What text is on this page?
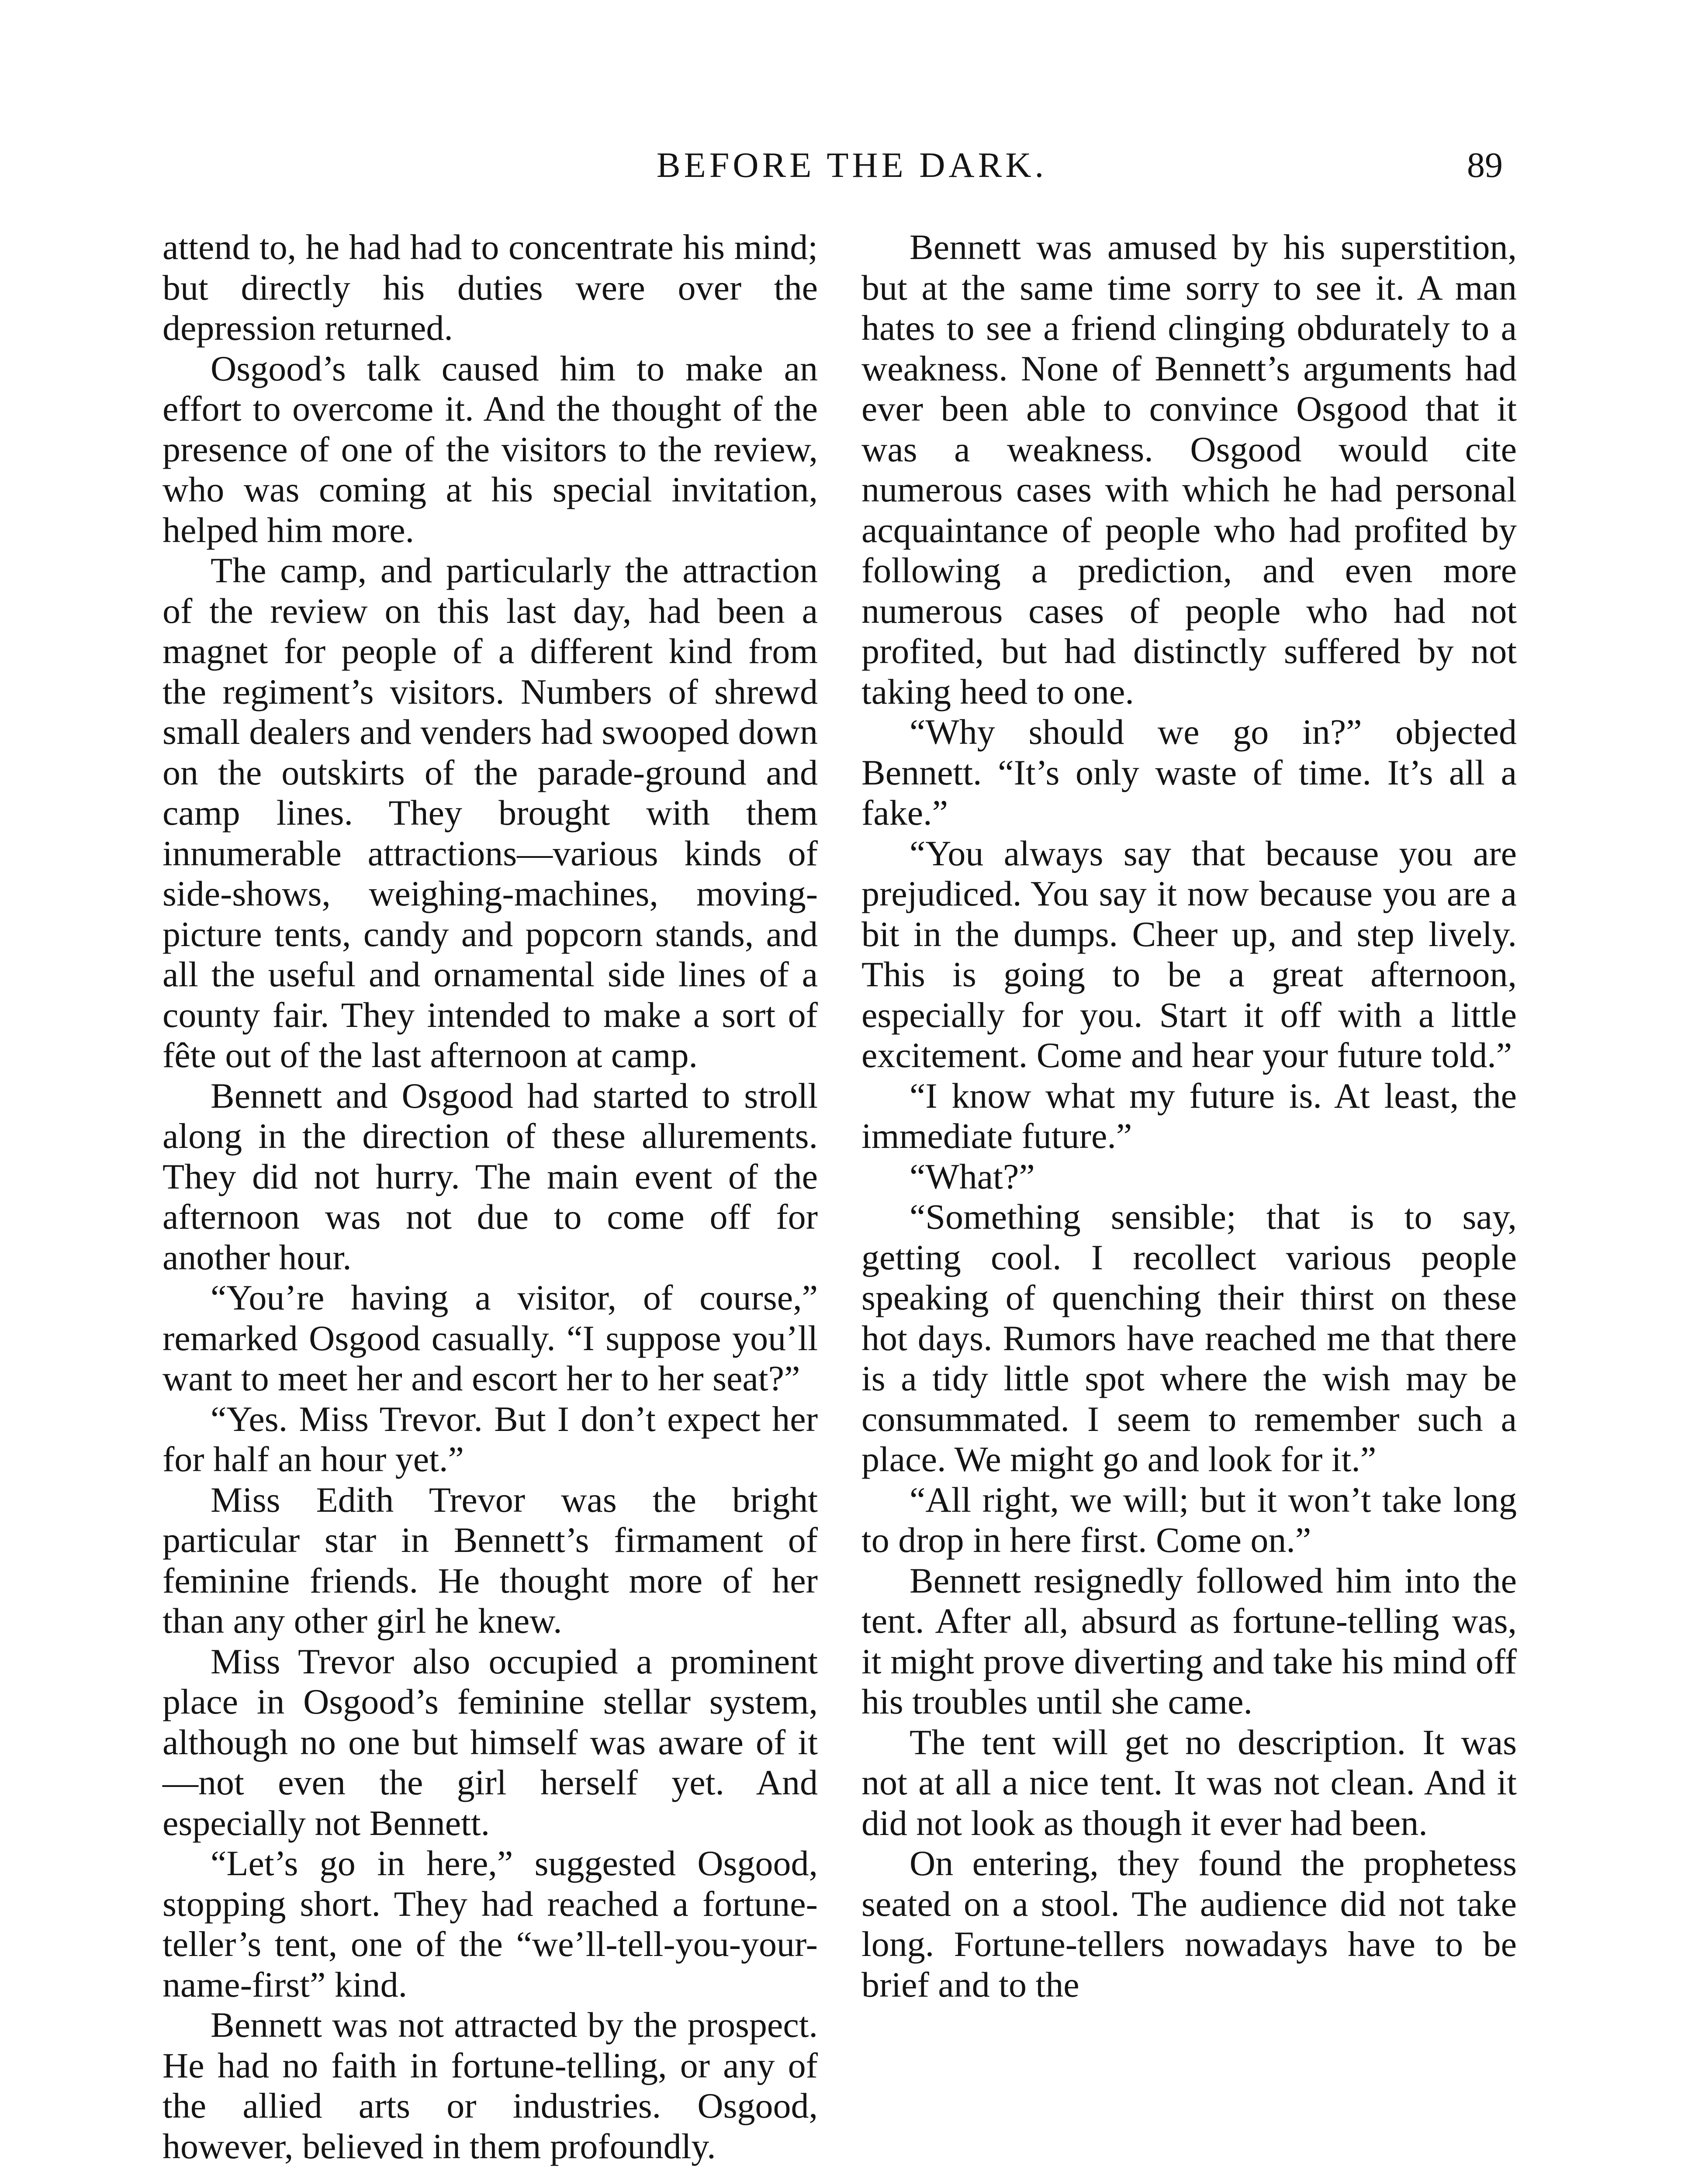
BEFORE THE DARK.	89

attend to, he had had to concentrate his mind; but directly his duties were over the depression returned.

Osgood’s talk caused him to make an effort to overcome it. And the thought of the presence of one of the visitors to the review, who was coming at his special invitation, helped him more.

The camp, and particularly the attraction of the review on this last day, had been a magnet for people of a different kind from the regiment’s visitors. Numbers of shrewd small dealers and venders had swooped down on the outskirts of the parade-ground and camp lines. They brought with them innumerable attractions—various kinds of side-shows, weighing-machines, moving-picture tents, candy and popcorn stands, and all the useful and ornamental side lines of a county fair. They intended to make a sort of fête out of the last afternoon at camp.

Bennett and Osgood had started to stroll along in the direction of these allurements. They did not hurry. The main event of the afternoon was not due to come off for another hour.

“You’re having a visitor, of course,” remarked Osgood casually. “I suppose you’ll want to meet her and escort her to her seat?”

“Yes. Miss Trevor. But I don’t expect her for half an hour yet.”

Miss Edith Trevor was the bright particular star in Bennett’s firmament of feminine friends. He thought more of her than any other girl he knew.

Miss Trevor also occupied a prominent place in Osgood’s feminine stellar system, although no one but himself was aware of it—not even the girl herself yet. And especially not Bennett.

“Let’s go in here,” suggested Osgood, stopping short. They had reached a fortune-teller’s tent, one of the “we’ll-tell-you-your-name-first” kind.

Bennett was not attracted by the prospect. He had no faith in fortune-telling, or any of the allied arts or industries. Osgood, however, believed in them profoundly.

Bennett was amused by his superstition, but at the same time sorry to see it. A man hates to see a friend clinging obdurately to a weakness. None of Bennett’s arguments had ever been able to convince Osgood that it was a weakness. Osgood would cite numerous cases with which he had personal acquaintance of people who had profited by following a prediction, and even more numerous cases of people who had not profited, but had distinctly suffered by not taking heed to one.

“Why should we go in?” objected Bennett. “It’s only waste of time. It’s all a fake.”

“You always say that because you are prejudiced. You say it now because you are a bit in the dumps. Cheer up, and step lively. This is going to be a great afternoon, especially for you. Start it off with a little excitement. Come and hear your future told.”

“I know what my future is. At least, the immediate future.”

“What?”

“Something sensible; that is to say, getting cool. I recollect various people speaking of quenching their thirst on these hot days. Rumors have reached me that there is a tidy little spot where the wish may be consummated. I seem to remember such a place. We might go and look for it.”

“All right, we will; but it won’t take long to drop in here first. Come on.”

Bennett resignedly followed him into the tent. After all, absurd as fortune-telling was, it might prove diverting and take his mind off his troubles until she came.

The tent will get no description. It was not at all a nice tent. It was not clean. And it did not look as though it ever had been.

On entering, they found the prophetess seated on a stool. The audience did not take long. Fortune-tellers nowadays have to be brief and to the
